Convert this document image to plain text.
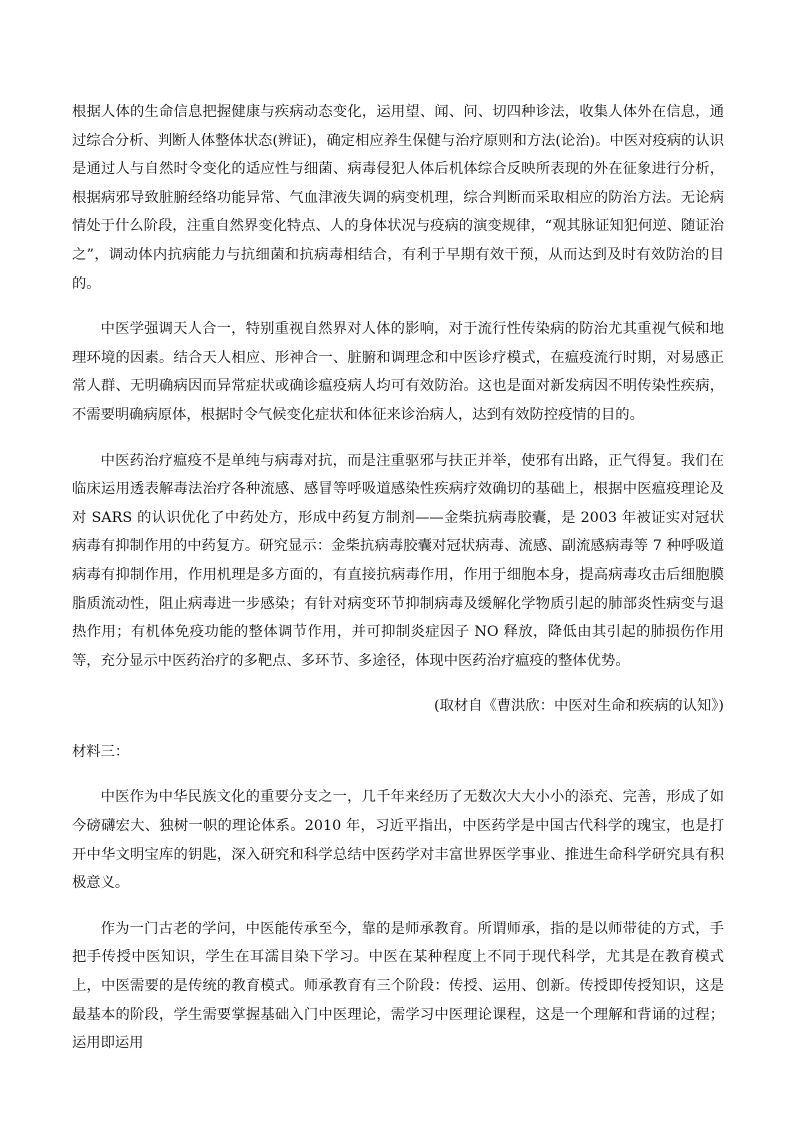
根据人体的生命信息把握健康与疾病动态变化，运用望、闻、问、切四种诊法，收集人体外在信息，通过综合分析、判断人体整体状态(辨证)，确定相应养生保健与治疗原则和方法(论治)。中医对疫病的认识是通过人与自然时令变化的适应性与细菌、病毒侵犯人体后机体综合反映所表现的外在征象进行分析，根据病邪导致脏腑经络功能异常、气血津液失调的病变机理，综合判断而采取相应的防治方法。无论病情处于什么阶段，注重自然界变化特点、人的身体状况与疫病的演变规律，“观其脉证知犯何逆、随证治之”，调动体内抗病能力与抗细菌和抗病毒相结合，有利于早期有效干预，从而达到及时有效防治的目的。

中医学强调天人合一，特别重视自然界对人体的影响，对于流行性传染病的防治尤其重视气候和地理环境的因素。结合天人相应、形神合一、脏腑和调理念和中医诊疗模式，在瘟疫流行时期，对易感正常人群、无明确病因而异常症状或确诊瘟疫病人均可有效防治。这也是面对新发病因不明传染性疾病，不需要明确病原体，根据时令气候变化症状和体征来诊治病人，达到有效防控疫情的目的。

中医药治疗瘟疫不是单纯与病毒对抗，而是注重驱邪与扶正并举，使邪有出路，正气得复。我们在临床运用透表解毒法治疗各种流感、感冒等呼吸道感染性疾病疗效确切的基础上，根据中医瘟疫理论及对 SARS 的认识优化了中药处方，形成中药复方制剂——金柴抗病毒胶囊，是 2003 年被证实对冠状病毒有抑制作用的中药复方。研究显示：金柴抗病毒胶囊对冠状病毒、流感、副流感病毒等 7 种呼吸道病毒有抑制作用，作用机理是多方面的，有直接抗病毒作用，作用于细胞本身，提高病毒攻击后细胞膜脂质流动性，阻止病毒进一步感染；有针对病变环节抑制病毒及缓解化学物质引起的肺部炎性病变与退热作用；有机体免疫功能的整体调节作用，并可抑制炎症因子 NO 释放，降低由其引起的肺损伤作用等，充分显示中医药治疗的多靶点、多环节、多途径，体现中医药治疗瘟疫的整体优势。

(取材自《曹洪欣：中医对生命和疾病的认知》)

材料三：

中医作为中华民族文化的重要分支之一，几千年来经历了无数次大大小小的添充、完善，形成了如今磅礴宏大、独树一帜的理论体系。2010 年，习近平指出，中医药学是中国古代科学的瑰宝，也是打开中华文明宝库的钥匙，深入研究和科学总结中医药学对丰富世界医学事业、推进生命科学研究具有积极意义。

作为一门古老的学问，中医能传承至今，靠的是师承教育。所谓师承，指的是以师带徒的方式，手把手传授中医知识，学生在耳濡目染下学习。中医在某种程度上不同于现代科学，尤其是在教育模式上，中医需要的是传统的教育模式。师承教育有三个阶段：传授、运用、创新。传授即传授知识，这是最基本的阶段，学生需要掌握基础入门中医理论，需学习中医理论课程，这是一个理解和背诵的过程；运用即运用
